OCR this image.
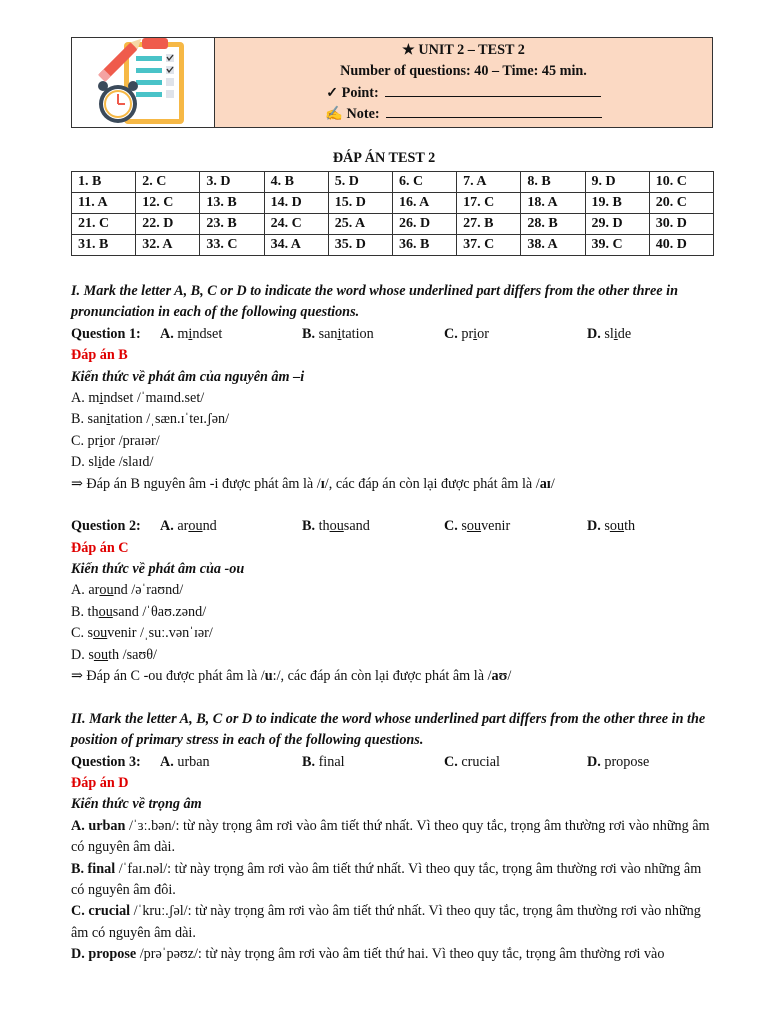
★ UNIT 2 – TEST 2
Number of questions: 40 – Time: 45 min.
✓ Point:
✍ Note:
ĐÁP ÁN TEST 2
1. B	2. C	3. D	4. B	5. D	6. C	7. A	8. B	9. D	10. C
11. A	12. C	13. B	14. D	15. D	16. A	17. C	18. A	19. B	20. C
21. C	22. D	23. B	24. C	25. A	26. D	27. B	28. B	29. D	30. D
31. B	32. A	33. C	34. A	35. D	36. B	37. C	38. A	39. C	40. D
I. Mark the letter A, B, C or D to indicate the word whose underlined part differs from the other three in pronunciation in each of the following questions.
Question 1: A. mindset	B. sanitation	C. prior	D. slide
Đáp án B
Kiến thức về phát âm của nguyên âm –i
A. mindset /ˈmaɪnd.set/
B. sanitation /ˌsæn.ɪˈteɪ.ʃən/
C. prior /praɪər/
D. slide /slaɪd/
⇒ Đáp án B nguyên âm -i được phát âm là /ɪ/, các đáp án còn lại được phát âm là /aɪ/
Question 2: A. around	B. thousand	C. souvenir	D. south
Đáp án C
Kiến thức về phát âm của -ou
A. around /əˈraʊnd/
B. thousand /ˈθaʊ.zənd/
C. souvenir /ˌsuː.vənˈɪər/
D. south /saʊθ/
⇒ Đáp án C -ou được phát âm là /u:/, các đáp án còn lại được phát âm là /aʊ/
II. Mark the letter A, B, C or D to indicate the word whose underlined part differs from the other three in the position of primary stress in each of the following questions.
Question 3: A. urban	B. final	C. crucial	D. propose
Đáp án D
Kiến thức về trọng âm
A. urban /ˈɜː.bən/: từ này trọng âm rơi vào âm tiết thứ nhất. Vì theo quy tắc, trọng âm thường rơi vào những âm có nguyên âm dài.
B. final /ˈfaɪ.nəl/: từ này trọng âm rơi vào âm tiết thứ nhất. Vì theo quy tắc, trọng âm thường rơi vào những âm có nguyên âm đôi.
C. crucial /ˈkruː.ʃəl/: từ này trọng âm rơi vào âm tiết thứ nhất. Vì theo quy tắc, trọng âm thường rơi vào những âm có nguyên âm dài.
D. propose /prəˈpəʊz/: từ này trọng âm rơi vào âm tiết thứ hai. Vì theo quy tắc, trọng âm thường rơi vào
